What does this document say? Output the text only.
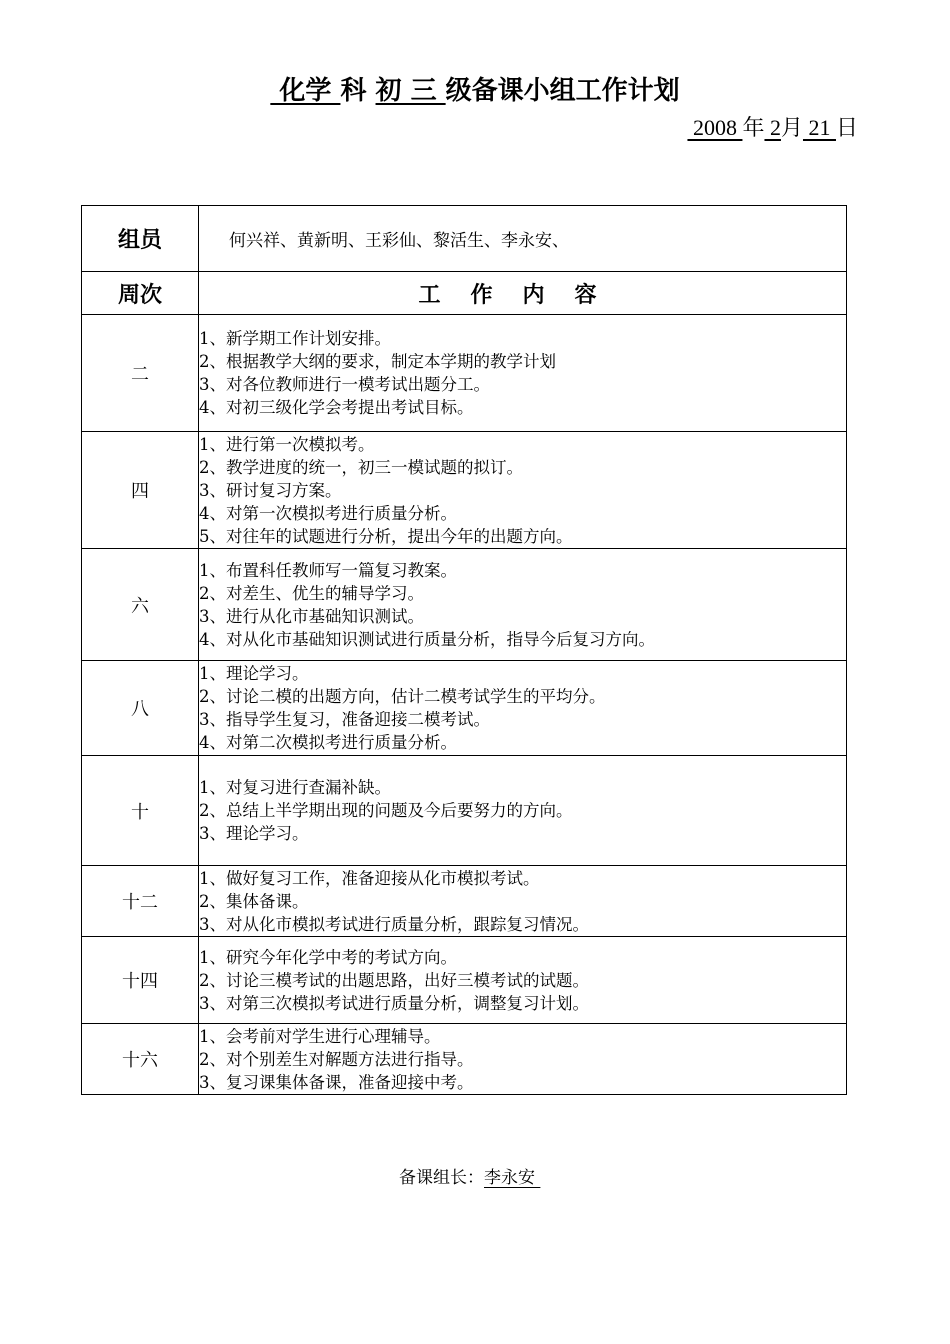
化学 科 初 三 级备课小组工作计划
2008 年 2月 21 日
组员	何兴祥、黄新明、王彩仙、黎活生、李永安、
周次	工作内容
二	1、新学期工作计划安排。
2、根据教学大纲的要求，制定本学期的教学计划
3、对各位教师进行一模考试出题分工。
4、对初三级化学会考提出考试目标。

四	1、进行第一次模拟考。
2、教学进度的统一，初三一模试题的拟订。
3、研讨复习方案。
4、对第一次模拟考进行质量分析。
5、对往年的试题进行分析，提出今年的出题方向。

六	1、布置科任教师写一篇复习教案。
2、对差生、优生的辅导学习。
3、进行从化市基础知识测试。
4、对从化市基础知识测试进行质量分析，指导今后复习方向。

八	1、理论学习。
2、讨论二模的出题方向，估计二模考试学生的平均分。
3、指导学生复习，准备迎接二模考试。
4、对第二次模拟考进行质量分析。

十	1、对复习进行查漏补缺。
2、总结上半学期出现的问题及今后要努力的方向。
3、理论学习。

十二	1、做好复习工作，准备迎接从化市模拟考试。
2、集体备课。
3、对从化市模拟考试进行质量分析，跟踪复习情况。

十四	1、研究今年化学中考的考试方向。
2、讨论三模考试的出题思路，出好三模考试的试题。
3、对第三次模拟考试进行质量分析，调整复习计划。

十六	1、会考前对学生进行心理辅导。
2、对个别差生对解题方法进行指导。
3、复习课集体备课，准备迎接中考。
备课组长：李永安
